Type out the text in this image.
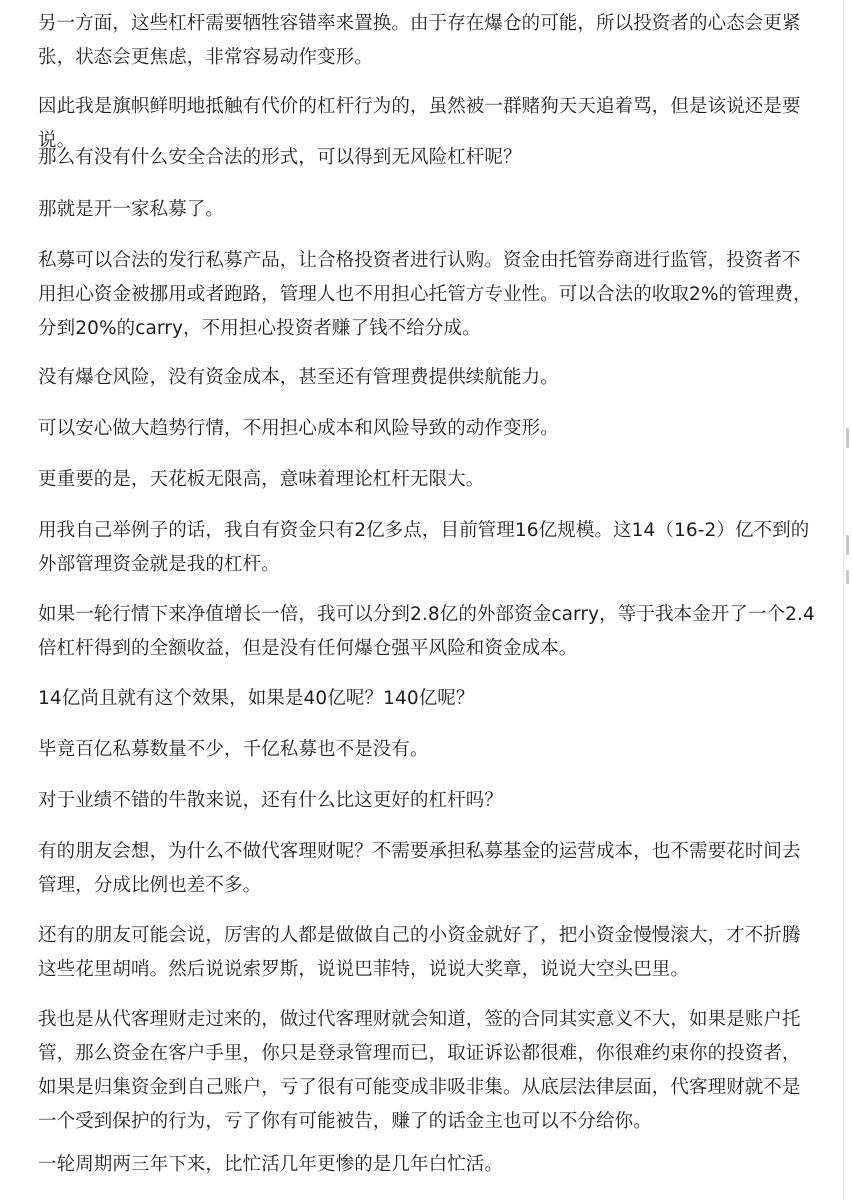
另一方面，这些杠杆需要牺牲容错率来置换。由于存在爆仓的可能，所以投资者的心态会更紧张，状态会更焦虑，非常容易动作变形。

因此我是旗帜鲜明地抵触有代价的杠杆行为的，虽然被一群赌狗天天追着骂，但是该说还是要说。

那么有没有什么安全合法的形式，可以得到无风险杠杆呢？

那就是开一家私募了。

私募可以合法的发行私募产品，让合格投资者进行认购。资金由托管券商进行监管，投资者不用担心资金被挪用或者跑路，管理人也不用担心托管方专业性。可以合法的收取2%的管理费，分到20%的carry，不用担心投资者赚了钱不给分成。

没有爆仓风险，没有资金成本，甚至还有管理费提供续航能力。

可以安心做大趋势行情，不用担心成本和风险导致的动作变形。

更重要的是，天花板无限高，意味着理论杠杆无限大。

用我自己举例子的话，我自有资金只有2亿多点，目前管理16亿规模。这14（16-2）亿不到的外部管理资金就是我的杠杆。

如果一轮行情下来净值增长一倍，我可以分到2.8亿的外部资金carry，等于我本金开了一个2.4倍杠杆得到的全额收益，但是没有任何爆仓强平风险和资金成本。

14亿尚且就有这个效果，如果是40亿呢？140亿呢？

毕竟百亿私募数量不少，千亿私募也不是没有。

对于业绩不错的牛散来说，还有什么比这更好的杠杆吗？

有的朋友会想，为什么不做代客理财呢？不需要承担私募基金的运营成本，也不需要花时间去管理，分成比例也差不多。

还有的朋友可能会说，厉害的人都是做做自己的小资金就好了，把小资金慢慢滚大，才不折腾这些花里胡哨。然后说说索罗斯，说说巴菲特，说说大奖章，说说大空头巴里。

我也是从代客理财走过来的，做过代客理财就会知道，签的合同其实意义不大，如果是账户托管，那么资金在客户手里，你只是登录管理而已，取证诉讼都很难，你很难约束你的投资者，如果是归集资金到自己账户，亏了很有可能变成非吸非集。从底层法律层面，代客理财就不是一个受到保护的行为，亏了你有可能被告，赚了的话金主也可以不分给你。

一轮周期两三年下来，比忙活几年更惨的是几年白忙活。
